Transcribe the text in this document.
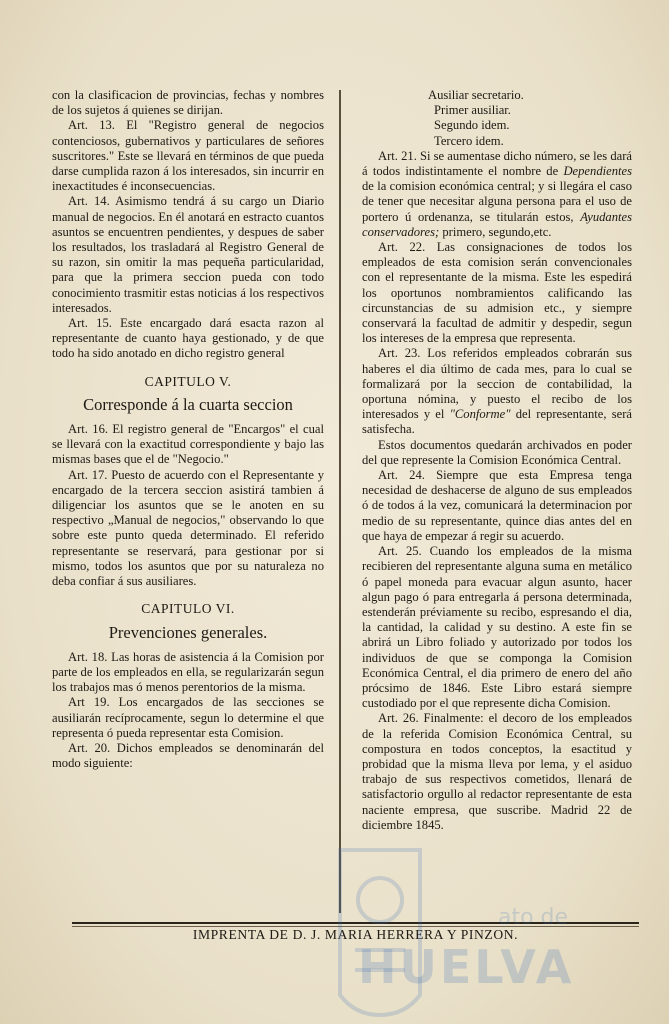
con la clasificacion de provincias, fechas y nombres de los sujetos á quienes se dirijan.

Art. 13. El "Registro general de negocios contenciosos, gubernativos y particulares de señores suscritores." Este se llevará en términos de que pueda darse cumplida razon á los interesados, sin incurrir en inexactitudes é inconsecuencias.

Art. 14. Asimismo tendrá á su cargo un Diario manual de negocios. En él anotará en estracto cuantos asuntos se encuentren pendientes, y despues de saber los resultados, los trasladará al Registro General de su razon, sin omitir la mas pequeña particularidad, para que la primera seccion pueda con todo conocimiento trasmitir estas noticias á los respectivos interesados.

Art. 15. Este encargado dará esacta razon al representante de cuanto haya gestionado, y de que todo ha sido anotado en dicho registro general

CAPITULO V.
Corresponde á la cuarta seccion

Art. 16. El registro general de "Encargos" el cual se llevará con la exactitud correspondiente y bajo las mismas bases que el de "Negocio."

Art. 17. Puesto de acuerdo con el Representante y encargado de la tercera seccion asistirá tambien á diligenciar los asuntos que se le anoten en su respectivo „Manual de negocios," observando lo que sobre este punto queda determinado. El referido representante se reservará, para gestionar por si mismo, todos los asuntos que por su naturaleza no deba confiar á sus ausiliares.

CAPITULO VI.
Prevenciones generales.

Art. 18. Las horas de asistencia á la Comision por parte de los empleados en ella, se regularizarán segun los trabajos mas ó menos perentorios de la misma.

Art 19. Los encargados de las secciones se ausiliarán recíprocamente, segun lo determine el que representa ó pueda representar esta Comision.

Art. 20. Dichos empleados se denominarán del modo siguiente:

Ausiliar secretario.

Primer ausiliar.

Segundo idem.

Tercero idem.

Art. 21. Si se aumentase dicho número, se les dará á todos indistintamente el nombre de Dependientes de la comision económica central; y si llegára el caso de tener que necesitar alguna persona para el uso de portero ú ordenanza, se titularán estos, Ayudantes conservadores; primero, segundo,etc.

Art. 22. Las consignaciones de todos los empleados de esta comision serán convencionales con el representante de la misma. Este les espedirá los oportunos nombramientos calificando las circunstancias de su admision etc., y siempre conservará la facultad de admitir y despedir, segun los intereses de la empresa que representa.

Art. 23. Los referidos empleados cobrarán sus haberes el dia último de cada mes, para lo cual se formalizará por la seccion de contabilidad, la oportuna nómina, y puesto el recibo de los interesados y el "Conforme" del representante, será satisfecha.

Estos documentos quedarán archivados en poder del que represente la Comision Económica Central.

Art. 24. Siempre que esta Empresa tenga necesidad de deshacerse de alguno de sus empleados ó de todos á la vez, comunicará la determinacion por medio de su representante, quince dias antes del en que haya de empezar á regir su acuerdo.

Art. 25. Cuando los empleados de la misma recibieren del representante alguna suma en metálico ó papel moneda para evacuar algun asunto, hacer algun pago ó para entregarla á persona determinada, estenderán préviamente su recibo, espresando el dia, la cantidad, la calidad y su destino. A este fin se abrirá un Libro foliado y autorizado por todos los individuos de que se componga la Comision Económica Central, el dia primero de enero del año prócsimo de 1846. Este Libro estará siempre custodiado por el que represente dicha Comision.

Art. 26. Finalmente: el decoro de los empleados de la referida Comision Económica Central, su compostura en todos conceptos, la esactitud y probidad que la misma lleva por lema, y el asiduo trabajo de sus respectivos cometidos, llenará de satisfactorio orgullo al redactor representante de esta naciente empresa, que suscribe. Madrid 22 de diciembre 1845.

IMPRENTA DE D. J. MARIA HERRERA Y PINZON.
ato de
HUELVA
